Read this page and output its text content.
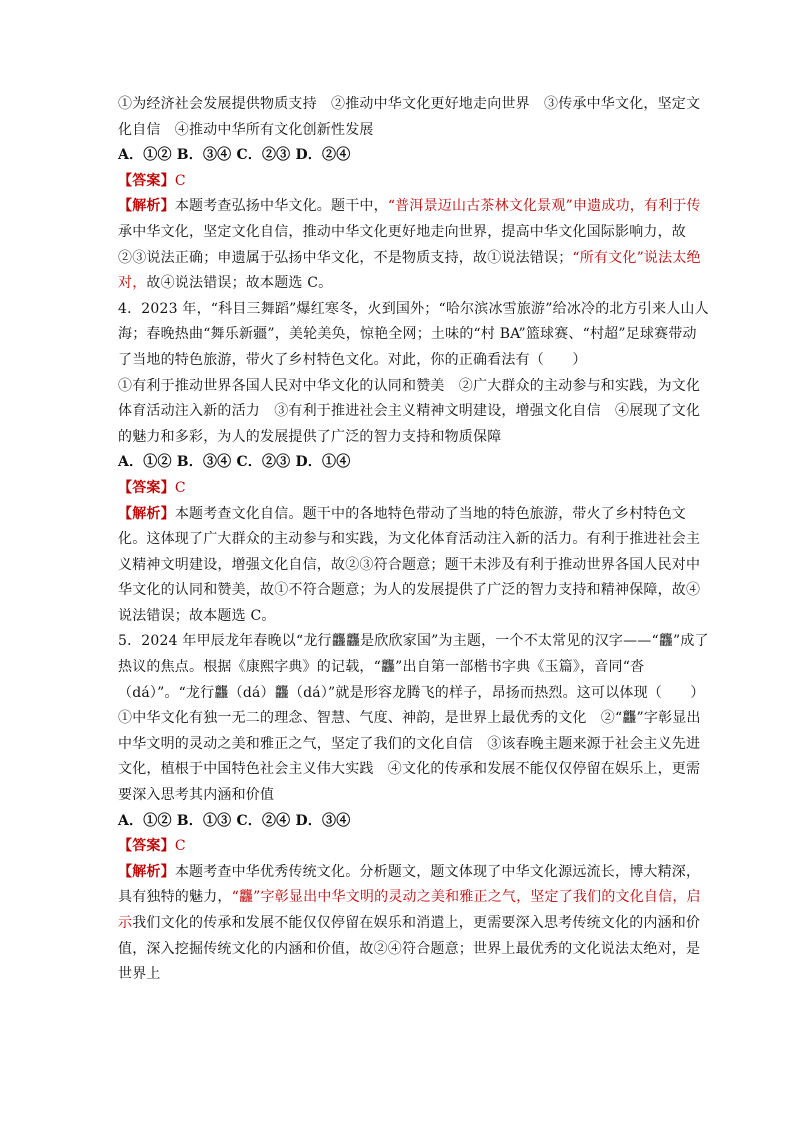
①为经济社会发展提供物质支持　②推动中华文化更好地走向世界　③传承中华文化，坚定文
化自信　④推动中华所有文化创新性发展

A．①② B．③④ C．②③ D．②④

【答案】C

【解析】本题考查弘扬中华文化。题干中，“普洱景迈山古茶林文化景观”申遗成功，有利于传承中华文化，坚定文化自信，推动中华文化更好地走向世界，提高中华文化国际影响力，故②③说法正确；申遗属于弘扬中华文化，不是物质支持，故①说法错误；“所有文化”说法太绝对，故④说法错误；故本题选 C。

4．2023 年，“科目三舞蹈”爆红寒冬，火到国外；“哈尔滨冰雪旅游”给冰冷的北方引来人山人海；春晚热曲“舞乐新疆”，美轮美奂，惊艳全网；土味的“村 BA”篮球赛、“村超”足球赛带动了当地的特色旅游，带火了乡村特色文化。对此，你的正确看法有（　　）

①有利于推动世界各国人民对中华文化的认同和赞美　②广大群众的主动参与和实践，为文化体育活动注入新的活力　③有利于推进社会主义精神文明建设，增强文化自信　④展现了文化的魅力和多彩，为人的发展提供了广泛的智力支持和物质保障

A．①② B．③④ C．②③ D．①④

【答案】C

【解析】本题考查文化自信。题干中的各地特色带动了当地的特色旅游，带火了乡村特色文化。这体现了广大群众的主动参与和实践，为文化体育活动注入新的活力。有利于推进社会主义精神文明建设，增强文化自信，故②③符合题意；题干未涉及有利于推动世界各国人民对中华文化的认同和赞美，故①不符合题意；为人的发展提供了广泛的智力支持和精神保障，故④说法错误；故本题选 C。

5．2024 年甲辰龙年春晚以“龙行龘龘是欣欣家国”为主题，一个不太常见的汉字——“龘”成了热议的焦点。根据《康熙字典》的记载，“龘”出自第一部楷书字典《玉篇》，音同“沓（dá）”。“龙行龘（dá）龘（dá）”就是形容龙腾飞的样子，昂扬而热烈。这可以体现（　　）

①中华文化有独一无二的理念、智慧、气度、神韵，是世界上最优秀的文化　②“龘”字彰显出中华文明的灵动之美和雅正之气，坚定了我们的文化自信　③该春晚主题来源于社会主义先进文化，植根于中国特色社会主义伟大实践　④文化的传承和发展不能仅仅停留在娱乐上，更需要深入思考其内涵和价值

A．①② B．①③ C．②④ D．③④

【答案】C

【解析】本题考查中华优秀传统文化。分析题文，题文体现了中华文化源远流长，博大精深，具有独特的魅力，“龘”字彰显出中华文明的灵动之美和雅正之气，坚定了我们的文化自信，启示我们文化的传承和发展不能仅仅停留在娱乐和消遣上，更需要深入思考传统文化的内涵和价值，深入挖掘传统文化的内涵和价值，故②④符合题意；世界上最优秀的文化说法太绝对，是世界上
